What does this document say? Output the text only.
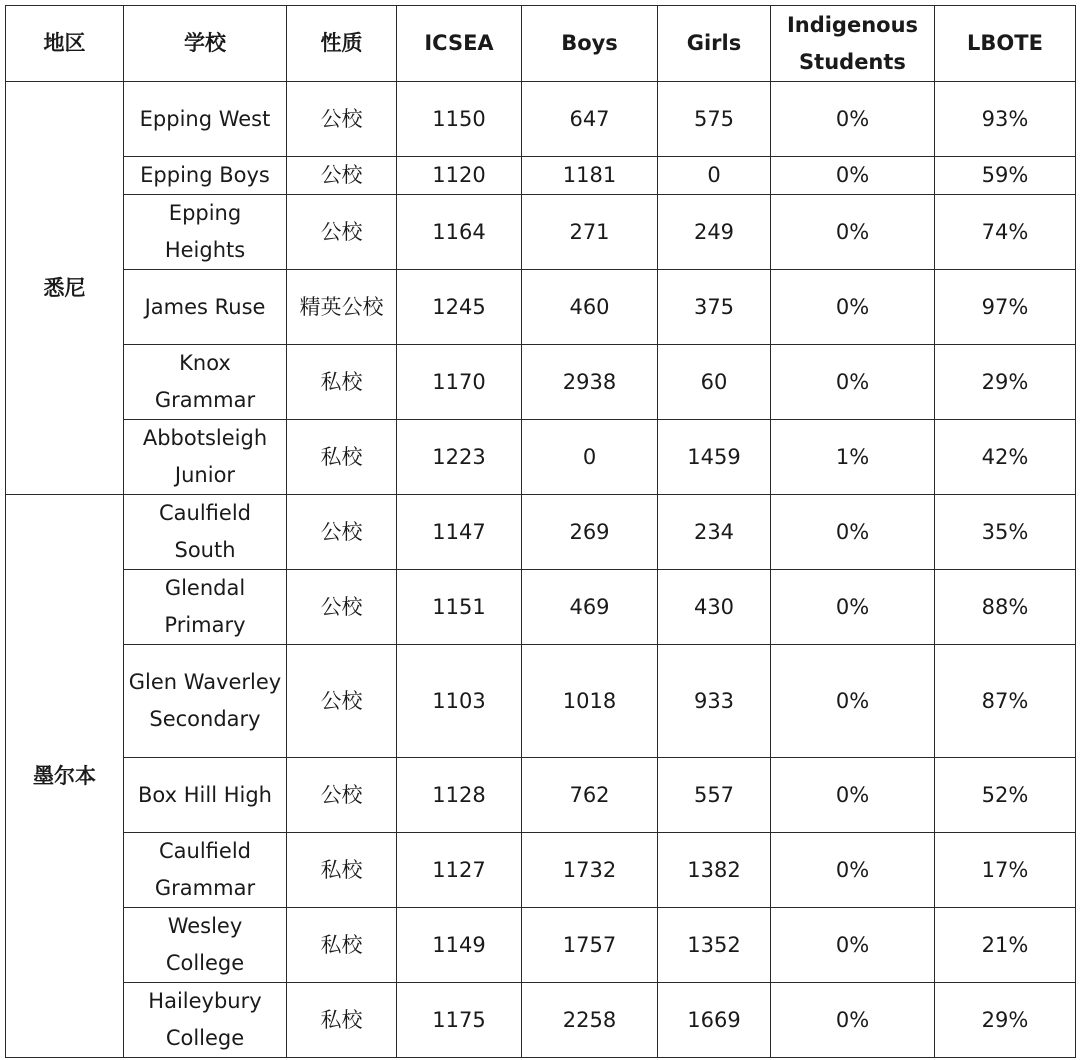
地区	学校	性质	ICSEA	Boys	Girls	Indigenous Students	LBOTE
悉尼	Epping West	公校	1150	647	575	0%	93%
	Epping Boys	公校	1120	1181	0	0%	59%
	Epping Heights	公校	1164	271	249	0%	74%
	James Ruse	精英公校	1245	460	375	0%	97%
	Knox Grammar	私校	1170	2938	60	0%	29%
	Abbotsleigh Junior	私校	1223	0	1459	1%	42%
墨尔本	Caulfield South	公校	1147	269	234	0%	35%
	Glendal Primary	公校	1151	469	430	0%	88%
	Glen Waverley Secondary	公校	1103	1018	933	0%	87%
	Box Hill High	公校	1128	762	557	0%	52%
	Caulfield Grammar	私校	1127	1732	1382	0%	17%
	Wesley College	私校	1149	1757	1352	0%	21%
	Haileybury College	私校	1175	2258	1669	0%	29%
